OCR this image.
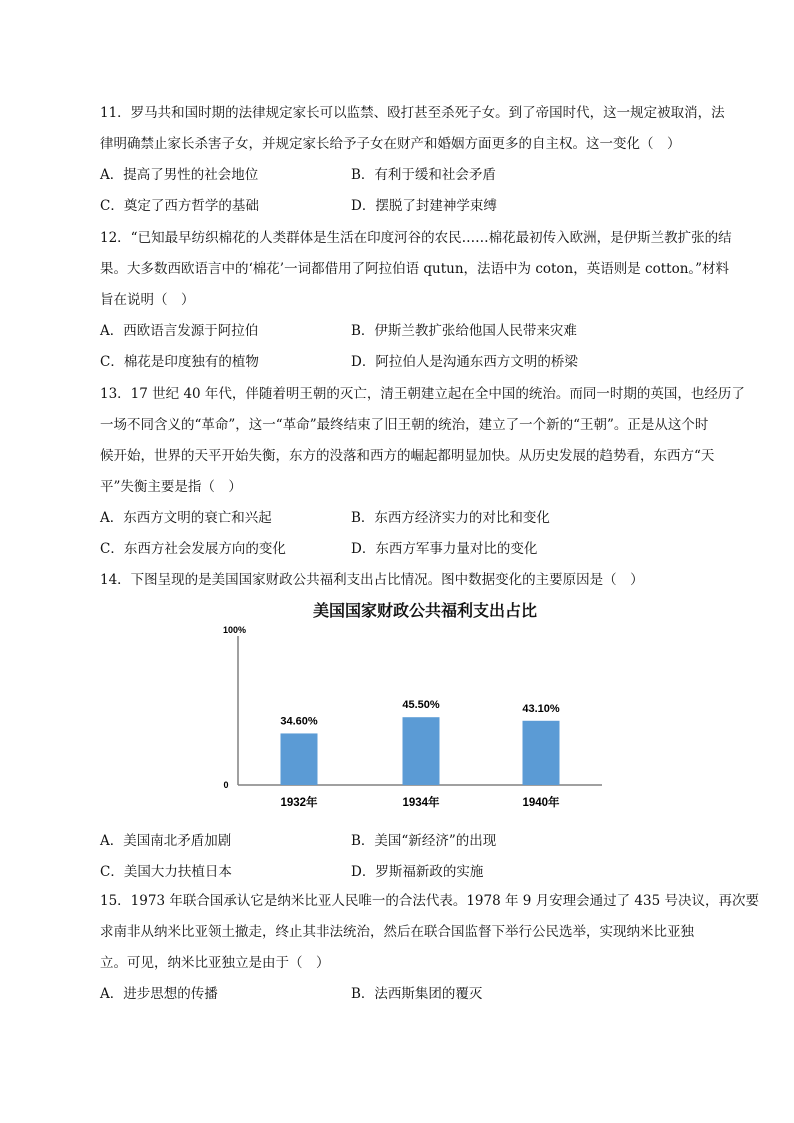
11．罗马共和国时期的法律规定家长可以监禁、殴打甚至杀死子女。到了帝国时代，这一规定被取消，法
律明确禁止家长杀害子女，并规定家长给予子女在财产和婚姻方面更多的自主权。这一变化（　）
A．提高了男性的社会地位	B．有利于缓和社会矛盾
C．奠定了西方哲学的基础	D．摆脱了封建神学束缚
12．“已知最早纺织棉花的人类群体是生活在印度河谷的农民……棉花最初传入欧洲，是伊斯兰教扩张的结
果。大多数西欧语言中的‘棉花’一词都借用了阿拉伯语 qutun，法语中为 coton，英语则是 cotton。”材料
旨在说明（　）
A．西欧语言发源于阿拉伯	B．伊斯兰教扩张给他国人民带来灾难
C．棉花是印度独有的植物	D．阿拉伯人是沟通东西方文明的桥梁
13．17 世纪 40 年代，伴随着明王朝的灭亡，清王朝建立起在全中国的统治。而同一时期的英国，也经历了
一场不同含义的“革命”，这一“革命”最终结束了旧王朝的统治，建立了一个新的“王朝”。正是从这个时
候开始，世界的天平开始失衡，东方的没落和西方的崛起都明显加快。从历史发展的趋势看，东西方“天
平”失衡主要是指（　）
A．东西方文明的衰亡和兴起	B．东西方经济实力的对比和变化
C．东西方社会发展方向的变化	D．东西方军事力量对比的变化
14．下图呈现的是美国国家财政公共福利支出占比情况。图中数据变化的主要原因是（　）
美国国家财政公共福利支出占比
100%
0
34.60%
1932年
45.50%
1934年
43.10%
1940年
A．美国南北矛盾加剧	B．美国“新经济”的出现
C．美国大力扶植日本	D．罗斯福新政的实施
15．1973 年联合国承认它是纳米比亚人民唯一的合法代表。1978 年 9 月安理会通过了 435 号决议，再次要
求南非从纳米比亚领土撤走，终止其非法统治，然后在联合国监督下举行公民选举，实现纳米比亚独
立。可见，纳米比亚独立是由于（　）
A．进步思想的传播	B．法西斯集团的覆灭
